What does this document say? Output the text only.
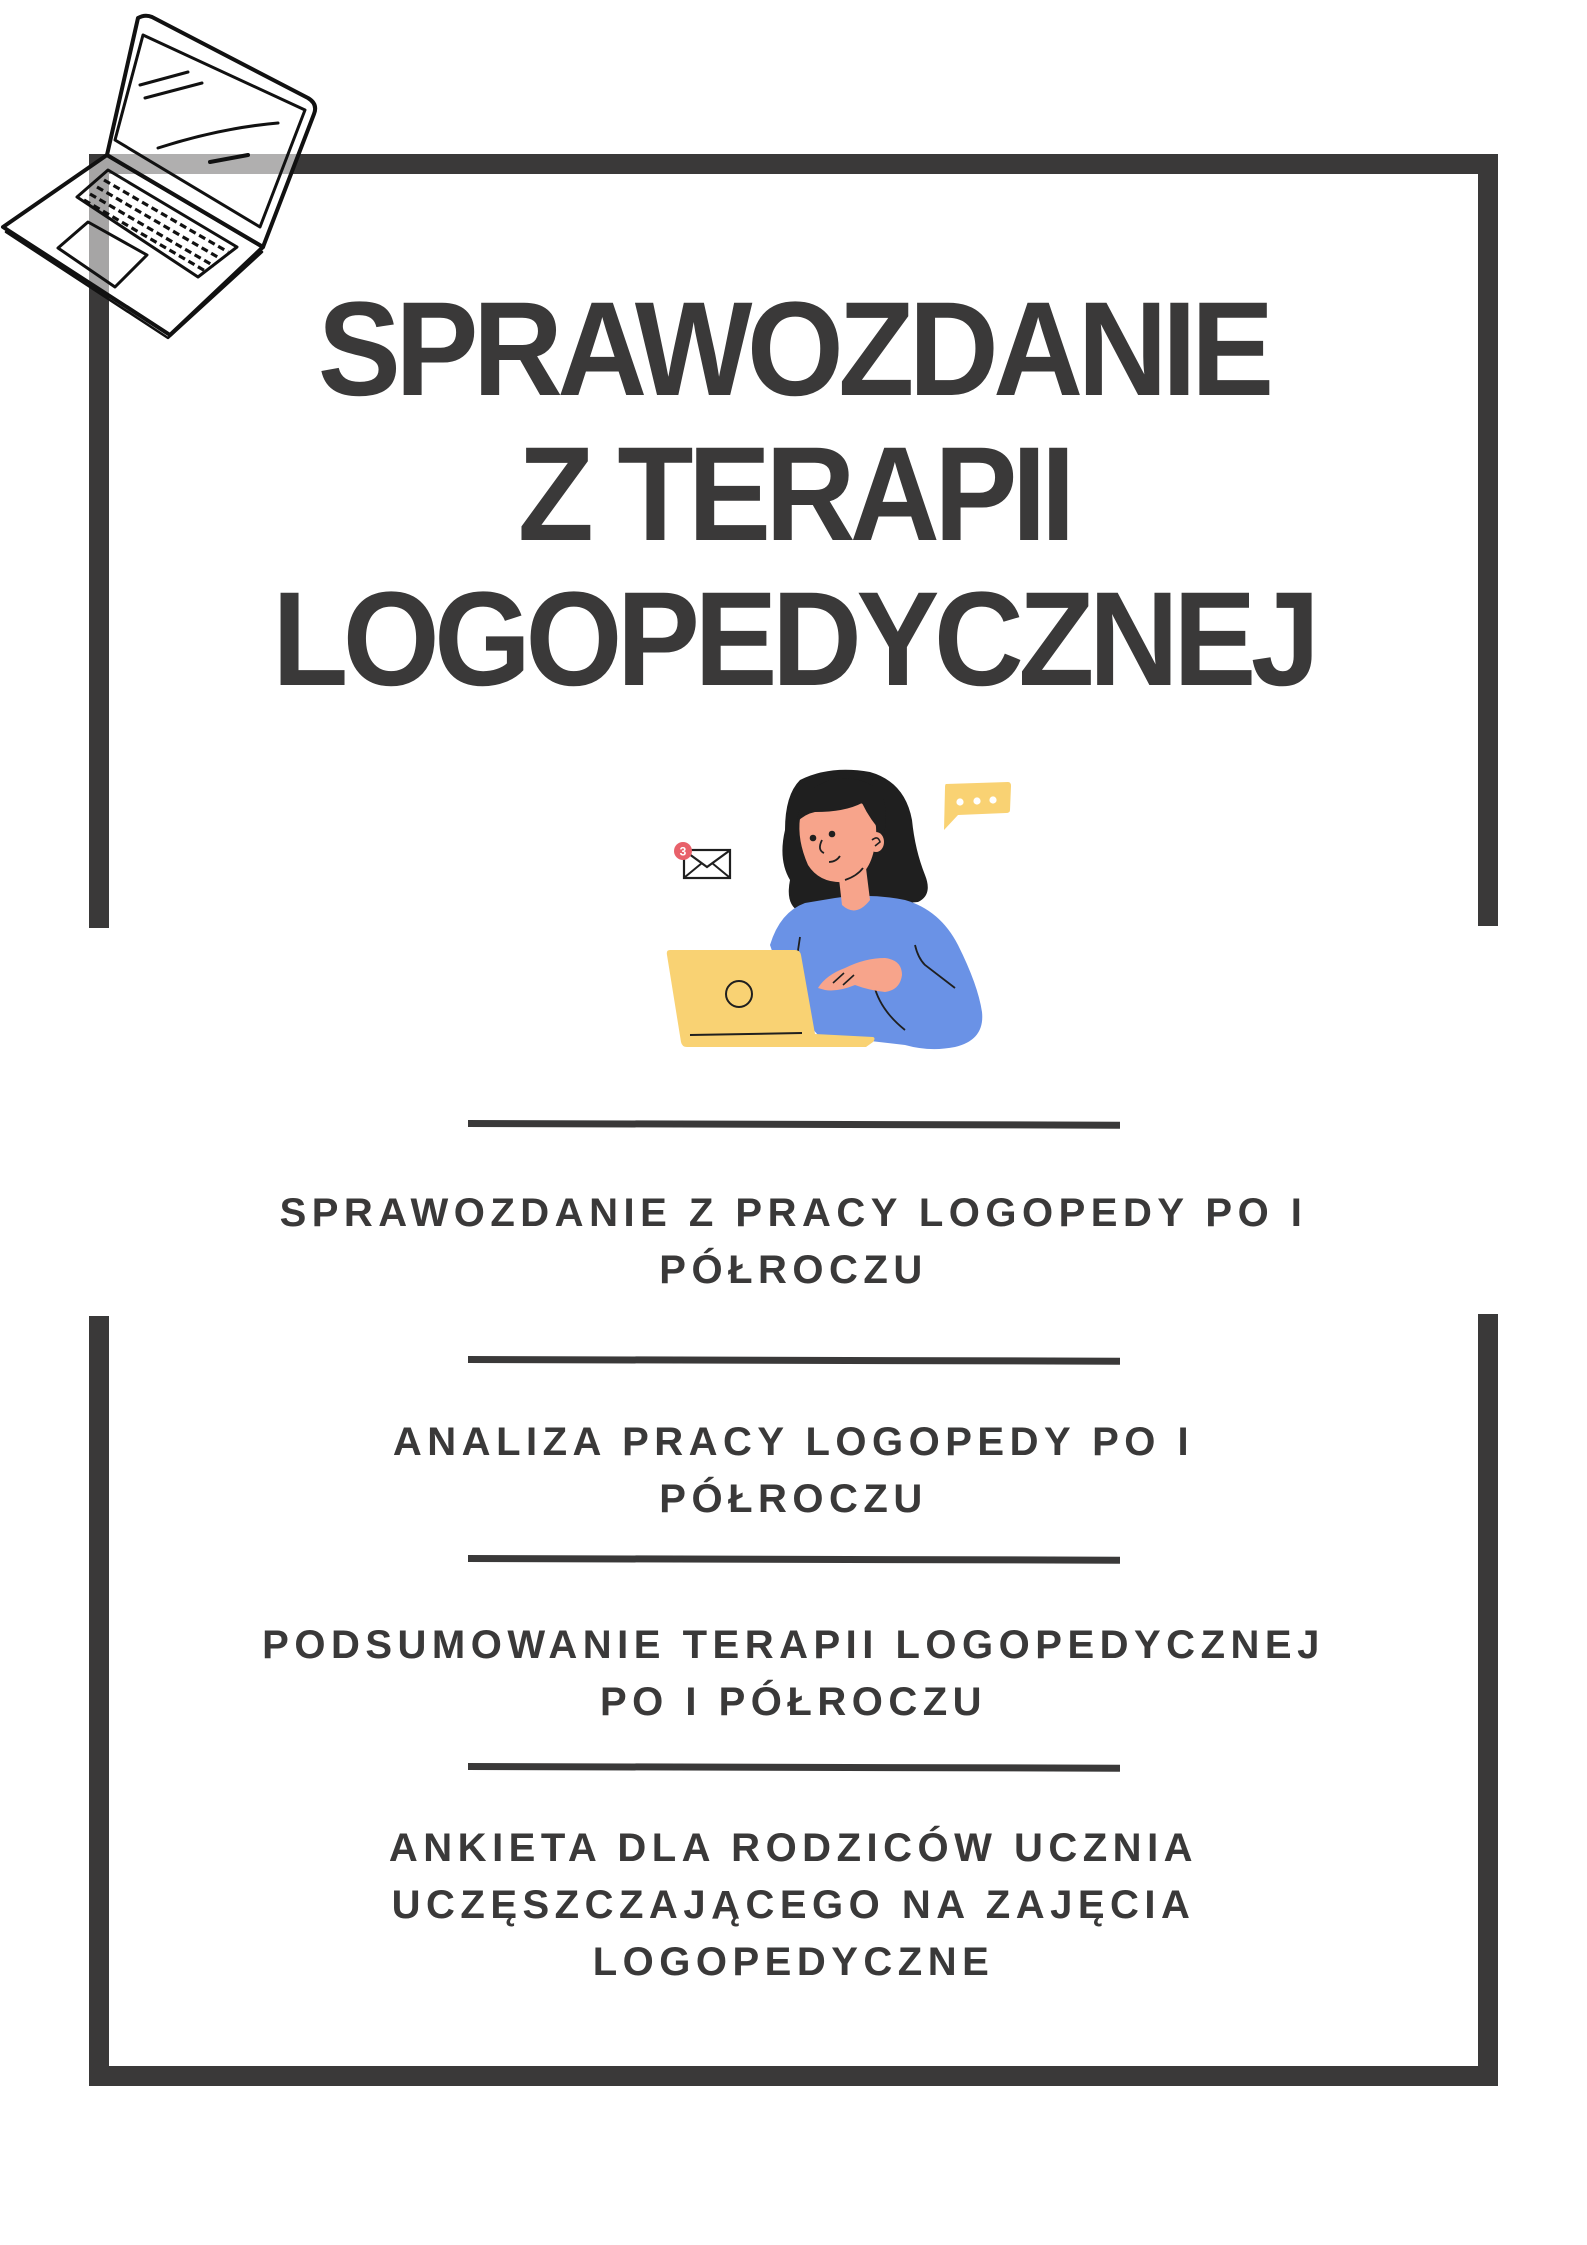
SPRAWOZDANIE
Z TERAPII
LOGOPEDYCZNEJ
3
SPRAWOZDANIE Z PRACY LOGOPEDY PO I
PÓŁROCZU
ANALIZA PRACY LOGOPEDY PO I
PÓŁROCZU
PODSUMOWANIE TERAPII LOGOPEDYCZNEJ
PO I PÓŁROCZU
ANKIETA DLA RODZICÓW UCZNIA
UCZĘSZCZAJĄCEGO NA ZAJĘCIA
LOGOPEDYCZNE
